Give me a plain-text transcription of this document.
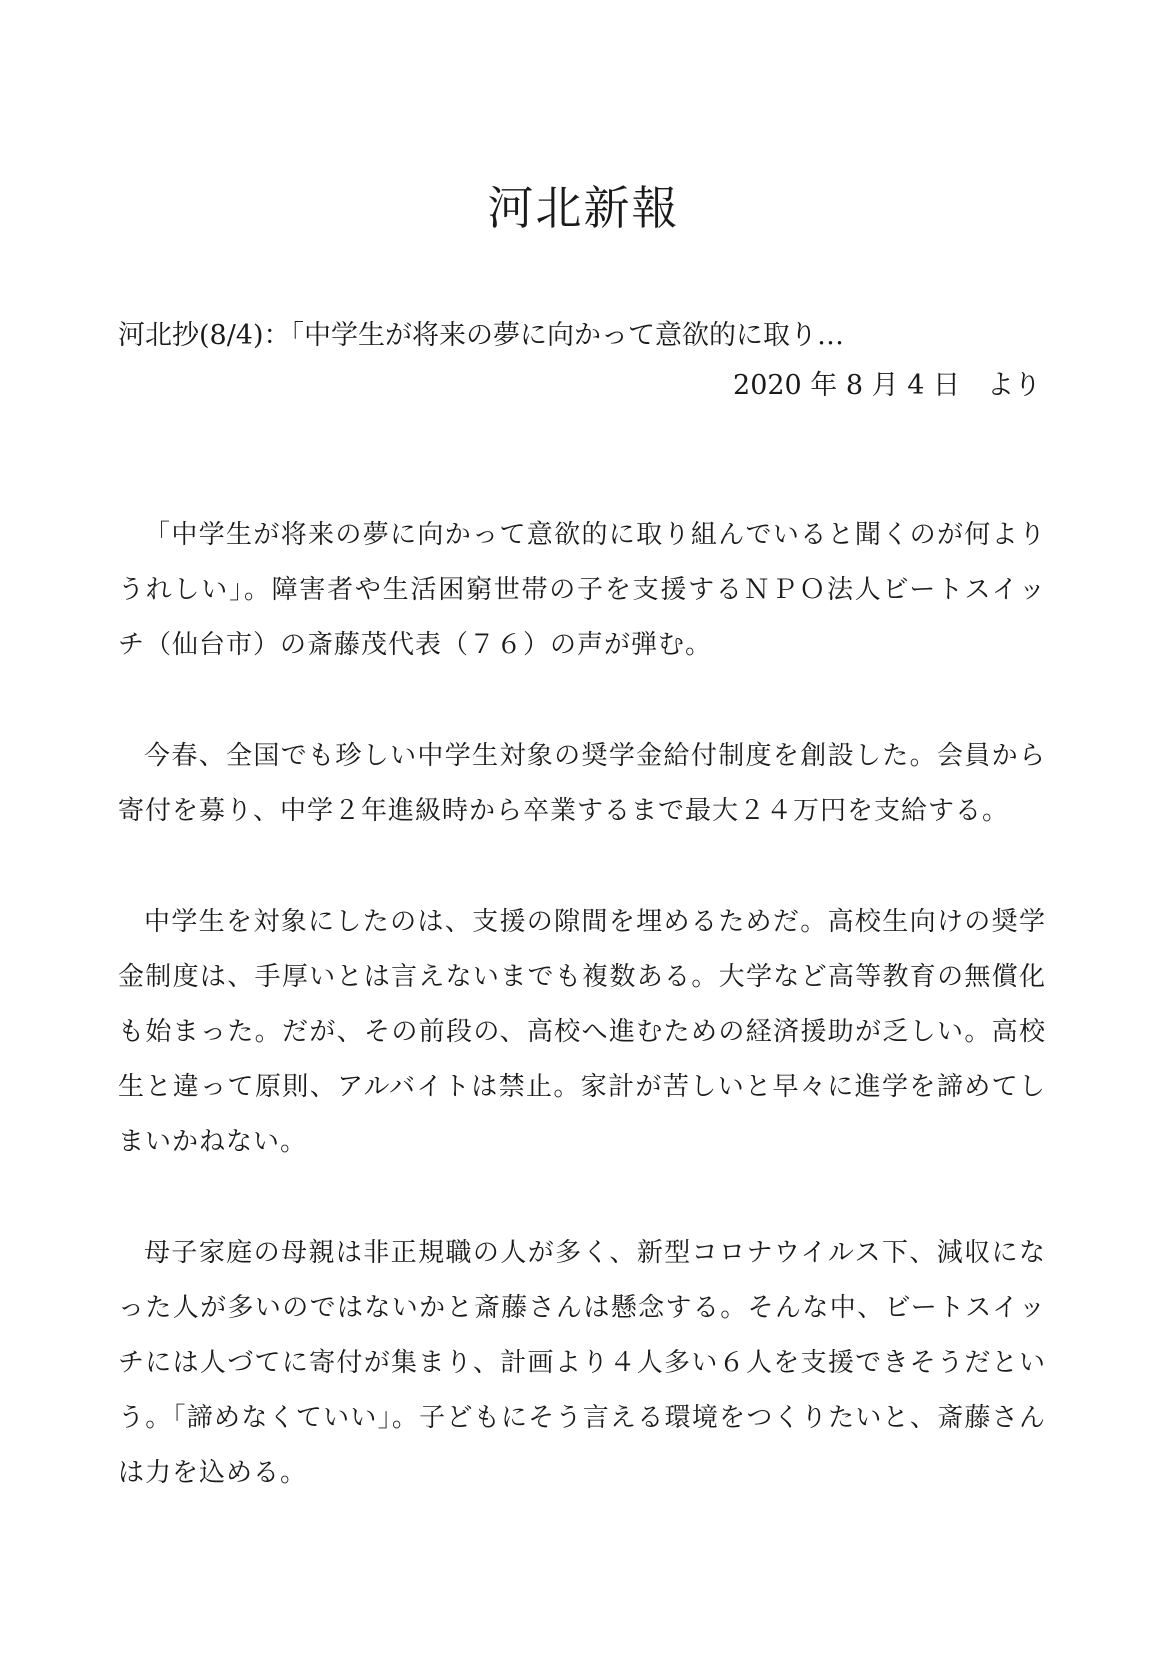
河北新報
河北抄(8/4)：「中学生が将来の夢に向かって意欲的に取り…
2020 年 8 月 4 日　より

「中学生が将来の夢に向かって意欲的に取り組んでいると聞くのが何よりうれしい」。障害者や生活困窮世帯の子を支援するＮＰＯ法人ビートスイッチ（仙台市）の斎藤茂代表（７６）の声が弾む。

今春、全国でも珍しい中学生対象の奨学金給付制度を創設した。会員から寄付を募り、中学２年進級時から卒業するまで最大２４万円を支給する。

中学生を対象にしたのは、支援の隙間を埋めるためだ。高校生向けの奨学金制度は、手厚いとは言えないまでも複数ある。大学など高等教育の無償化も始まった。だが、その前段の、高校へ進むための経済援助が乏しい。高校生と違って原則、アルバイトは禁止。家計が苦しいと早々に進学を諦めてしまいかねない。

母子家庭の母親は非正規職の人が多く、新型コロナウイルス下、減収になった人が多いのではないかと斎藤さんは懸念する。そんな中、ビートスイッチには人づてに寄付が集まり、計画より４人多い６人を支援できそうだという。「諦めなくていい」。子どもにそう言える環境をつくりたいと、斎藤さんは力を込める。
